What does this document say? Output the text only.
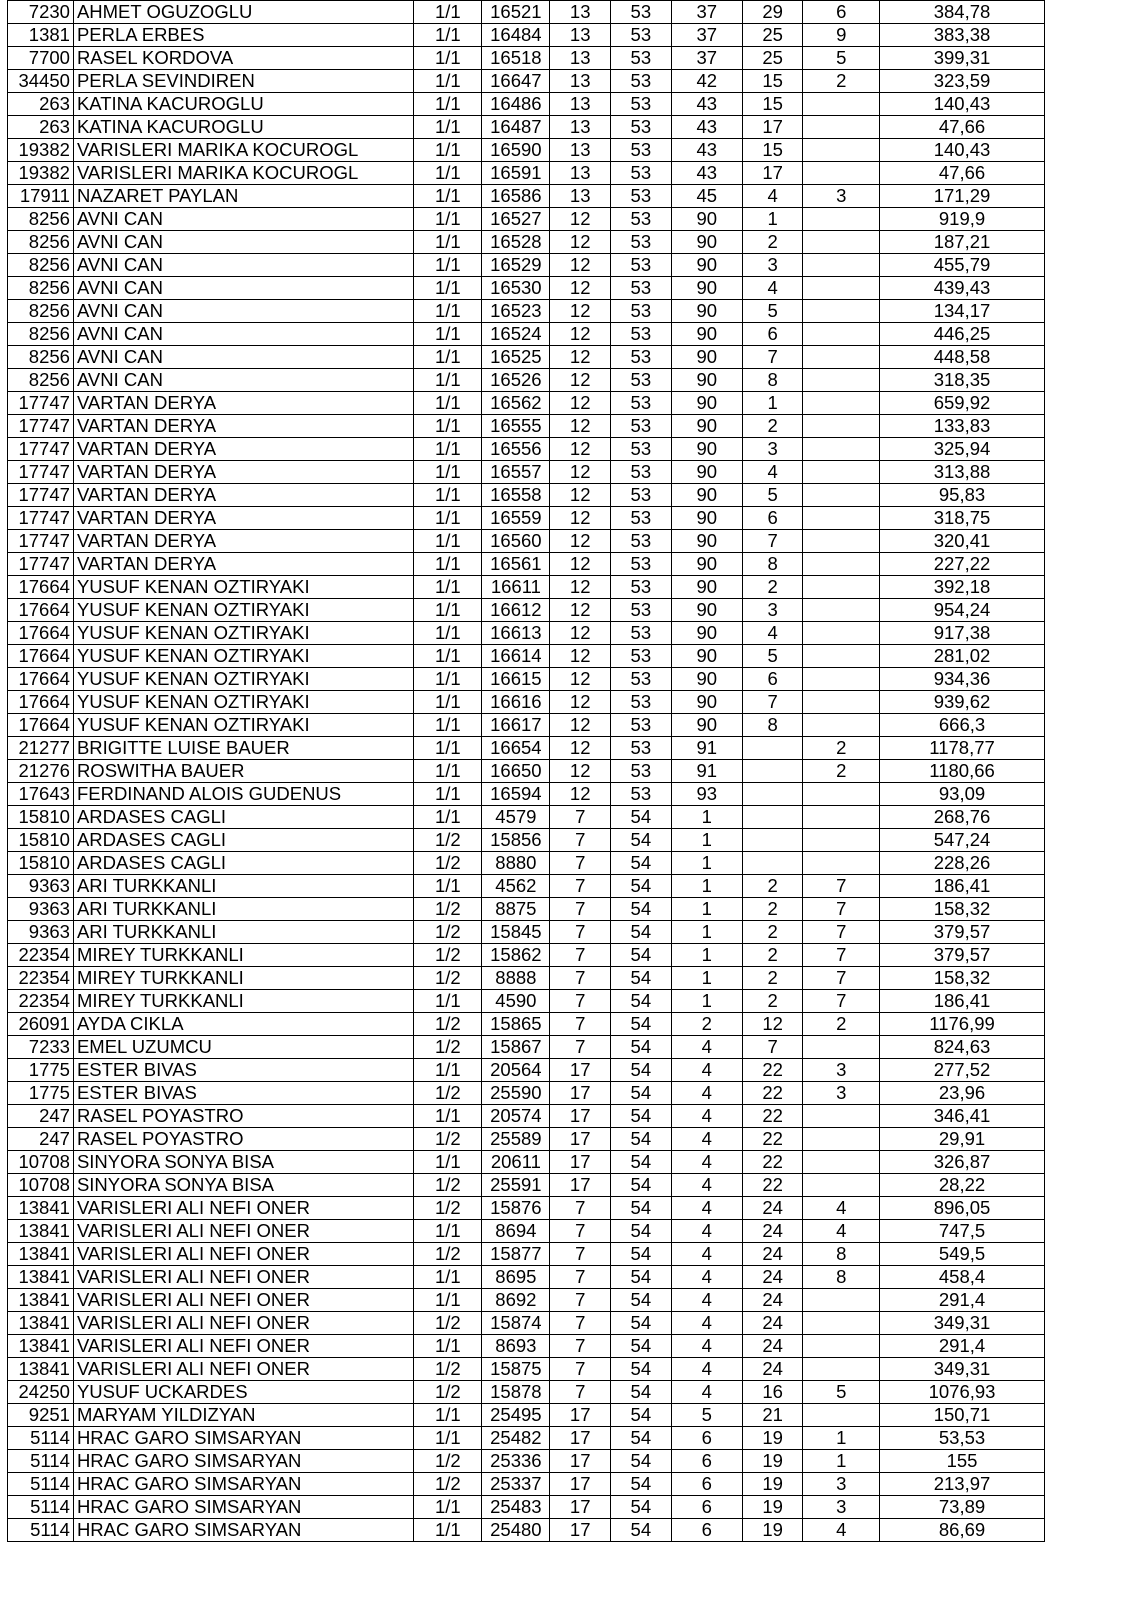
7230	AHMET OGUZOGLU	1/1	16521	13	53	37	29	6	384,78
1381	PERLA ERBES	1/1	16484	13	53	37	25	9	383,38
7700	RASEL KORDOVA	1/1	16518	13	53	37	25	5	399,31
34450	PERLA SEVINDIREN	1/1	16647	13	53	42	15	2	323,59
263	KATINA KACUROGLU	1/1	16486	13	53	43	15		140,43
263	KATINA KACUROGLU	1/1	16487	13	53	43	17		47,66
19382	VARISLERI MARIKA KOCUROGL	1/1	16590	13	53	43	15		140,43
19382	VARISLERI MARIKA KOCUROGL	1/1	16591	13	53	43	17		47,66
17911	NAZARET PAYLAN	1/1	16586	13	53	45	4	3	171,29
8256	AVNI CAN	1/1	16527	12	53	90	1		919,9
8256	AVNI CAN	1/1	16528	12	53	90	2		187,21
8256	AVNI CAN	1/1	16529	12	53	90	3		455,79
8256	AVNI CAN	1/1	16530	12	53	90	4		439,43
8256	AVNI CAN	1/1	16523	12	53	90	5		134,17
8256	AVNI CAN	1/1	16524	12	53	90	6		446,25
8256	AVNI CAN	1/1	16525	12	53	90	7		448,58
8256	AVNI CAN	1/1	16526	12	53	90	8		318,35
17747	VARTAN DERYA	1/1	16562	12	53	90	1		659,92
17747	VARTAN DERYA	1/1	16555	12	53	90	2		133,83
17747	VARTAN DERYA	1/1	16556	12	53	90	3		325,94
17747	VARTAN DERYA	1/1	16557	12	53	90	4		313,88
17747	VARTAN DERYA	1/1	16558	12	53	90	5		95,83
17747	VARTAN DERYA	1/1	16559	12	53	90	6		318,75
17747	VARTAN DERYA	1/1	16560	12	53	90	7		320,41
17747	VARTAN DERYA	1/1	16561	12	53	90	8		227,22
17664	YUSUF KENAN OZTIRYAKI	1/1	16611	12	53	90	2		392,18
17664	YUSUF KENAN OZTIRYAKI	1/1	16612	12	53	90	3		954,24
17664	YUSUF KENAN OZTIRYAKI	1/1	16613	12	53	90	4		917,38
17664	YUSUF KENAN OZTIRYAKI	1/1	16614	12	53	90	5		281,02
17664	YUSUF KENAN OZTIRYAKI	1/1	16615	12	53	90	6		934,36
17664	YUSUF KENAN OZTIRYAKI	1/1	16616	12	53	90	7		939,62
17664	YUSUF KENAN OZTIRYAKI	1/1	16617	12	53	90	8		666,3
21277	BRIGITTE LUISE BAUER	1/1	16654	12	53	91		2	1178,77
21276	ROSWITHA BAUER	1/1	16650	12	53	91		2	1180,66
17643	FERDINAND ALOIS GUDENUS	1/1	16594	12	53	93			93,09
15810	ARDASES CAGLI	1/1	4579	7	54	1			268,76
15810	ARDASES CAGLI	1/2	15856	7	54	1			547,24
15810	ARDASES CAGLI	1/2	8880	7	54	1			228,26
9363	ARI TURKKANLI	1/1	4562	7	54	1	2	7	186,41
9363	ARI TURKKANLI	1/2	8875	7	54	1	2	7	158,32
9363	ARI TURKKANLI	1/2	15845	7	54	1	2	7	379,57
22354	MIREY TURKKANLI	1/2	15862	7	54	1	2	7	379,57
22354	MIREY TURKKANLI	1/2	8888	7	54	1	2	7	158,32
22354	MIREY TURKKANLI	1/1	4590	7	54	1	2	7	186,41
26091	AYDA CIKLA	1/2	15865	7	54	2	12	2	1176,99
7233	EMEL UZUMCU	1/2	15867	7	54	4	7		824,63
1775	ESTER BIVAS	1/1	20564	17	54	4	22	3	277,52
1775	ESTER BIVAS	1/2	25590	17	54	4	22	3	23,96
247	RASEL POYASTRO	1/1	20574	17	54	4	22		346,41
247	RASEL POYASTRO	1/2	25589	17	54	4	22		29,91
10708	SINYORA SONYA BISA	1/1	20611	17	54	4	22		326,87
10708	SINYORA SONYA BISA	1/2	25591	17	54	4	22		28,22
13841	VARISLERI ALI NEFI ONER	1/2	15876	7	54	4	24	4	896,05
13841	VARISLERI ALI NEFI ONER	1/1	8694	7	54	4	24	4	747,5
13841	VARISLERI ALI NEFI ONER	1/2	15877	7	54	4	24	8	549,5
13841	VARISLERI ALI NEFI ONER	1/1	8695	7	54	4	24	8	458,4
13841	VARISLERI ALI NEFI ONER	1/1	8692	7	54	4	24		291,4
13841	VARISLERI ALI NEFI ONER	1/2	15874	7	54	4	24		349,31
13841	VARISLERI ALI NEFI ONER	1/1	8693	7	54	4	24		291,4
13841	VARISLERI ALI NEFI ONER	1/2	15875	7	54	4	24		349,31
24250	YUSUF UCKARDES	1/2	15878	7	54	4	16	5	1076,93
9251	MARYAM YILDIZYAN	1/1	25495	17	54	5	21		150,71
5114	HRAC GARO SIMSARYAN	1/1	25482	17	54	6	19	1	53,53
5114	HRAC GARO SIMSARYAN	1/2	25336	17	54	6	19	1	155
5114	HRAC GARO SIMSARYAN	1/2	25337	17	54	6	19	3	213,97
5114	HRAC GARO SIMSARYAN	1/1	25483	17	54	6	19	3	73,89
5114	HRAC GARO SIMSARYAN	1/1	25480	17	54	6	19	4	86,69
